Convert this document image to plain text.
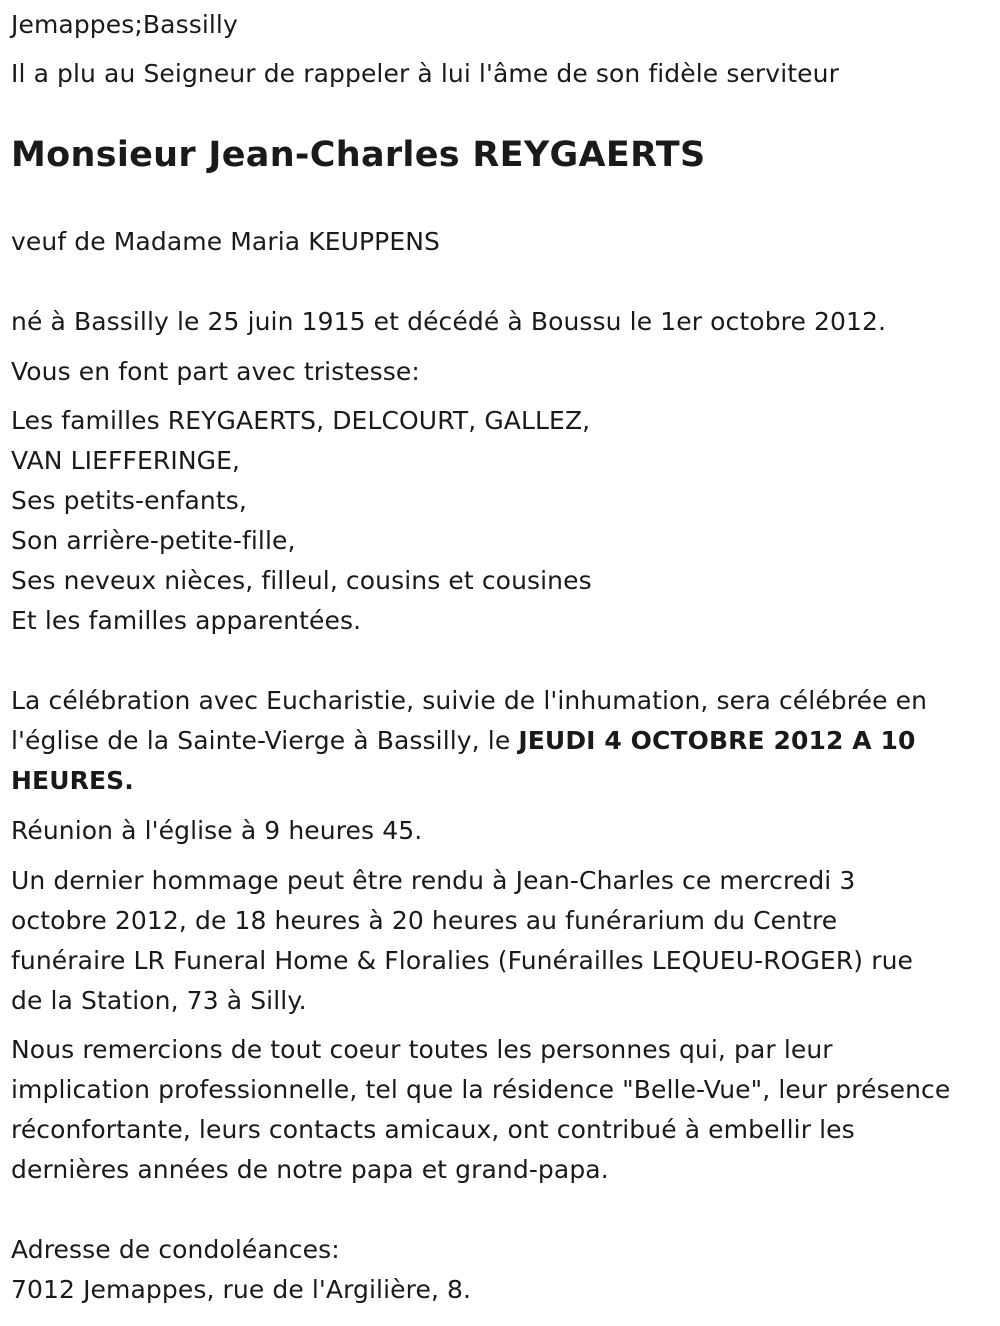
Jemappes;Bassilly

Il a plu au Seigneur de rappeler à lui l'âme de son fidèle serviteur

Monsieur Jean-Charles REYGAERTS

veuf de Madame Maria KEUPPENS

né à Bassilly le 25 juin 1915 et décédé à Boussu le 1er octobre 2012.

Vous en font part avec tristesse:

Les familles REYGAERTS, DELCOURT, GALLEZ,

VAN LIEFFERINGE,

Ses petits-enfants,

Son arrière-petite-fille,

Ses neveux nièces, filleul, cousins et cousines

Et les familles apparentées.

La célébration avec Eucharistie, suivie de l'inhumation, sera célébrée en

l'église de la Sainte-Vierge à Bassilly, le JEUDI 4 OCTOBRE 2012 A 10

HEURES.

Réunion à l'église à 9 heures 45.

Un dernier hommage peut être rendu à Jean-Charles ce mercredi 3

octobre 2012, de 18 heures à 20 heures au funérarium du Centre

funéraire LR Funeral Home & Floralies (Funérailles LEQUEU-ROGER) rue

de la Station, 73 à Silly.

Nous remercions de tout coeur toutes les personnes qui, par leur

implication professionnelle, tel que la résidence "Belle-Vue", leur présence

réconfortante, leurs contacts amicaux, ont contribué à embellir les

dernières années de notre papa et grand-papa.

Adresse de condoléances:

7012 Jemappes, rue de l'Argilière, 8.
